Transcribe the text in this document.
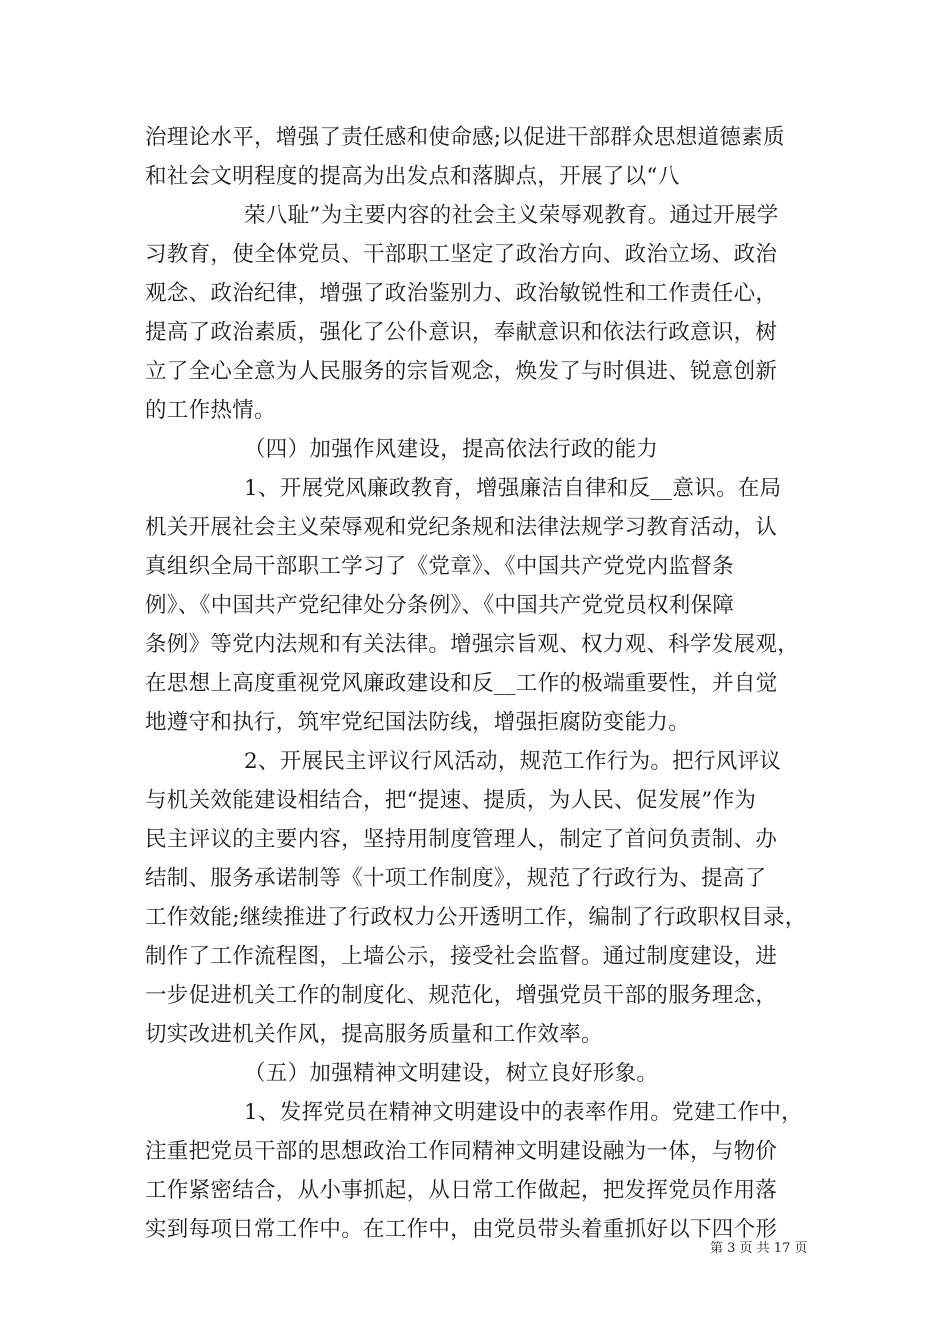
治理论水平，增强了责任感和使命感;以促进干部群众思想道德素质
和社会文明程度的提高为出发点和落脚点，开展了以“八
荣八耻”为主要内容的社会主义荣辱观教育。通过开展学
习教育，使全体党员、干部职工坚定了政治方向、政治立场、政治
观念、政治纪律，增强了政治鉴别力、政治敏锐性和工作责任心，
提高了政治素质，强化了公仆意识，奉献意识和依法行政意识，树
立了全心全意为人民服务的宗旨观念，焕发了与时俱进、锐意创新
的工作热情。
（四）加强作风建设，提高依法行政的能力
1、开展党风廉政教育，增强廉洁自律和反__意识。在局
机关开展社会主义荣辱观和党纪条规和法律法规学习教育活动，认
真组织全局干部职工学习了《党章》、《中国共产党党内监督条
例》、《中国共产党纪律处分条例》、《中国共产党党员权利保障
条例》等党内法规和有关法律。增强宗旨观、权力观、科学发展观，
在思想上高度重视党风廉政建设和反__工作的极端重要性，并自觉
地遵守和执行，筑牢党纪国法防线，增强拒腐防变能力。
2、开展民主评议行风活动，规范工作行为。把行风评议
与机关效能建设相结合，把“提速、提质，为人民、促发展”作为
民主评议的主要内容，坚持用制度管理人，制定了首问负责制、办
结制、服务承诺制等《十项工作制度》，规范了行政行为、提高了
工作效能;继续推进了行政权力公开透明工作，编制了行政职权目录，
制作了工作流程图，上墙公示，接受社会监督。通过制度建设，进
一步促进机关工作的制度化、规范化，增强党员干部的服务理念，
切实改进机关作风，提高服务质量和工作效率。
（五）加强精神文明建设，树立良好形象。
1、发挥党员在精神文明建设中的表率作用。党建工作中，
注重把党员干部的思想政治工作同精神文明建设融为一体，与物价
工作紧密结合，从小事抓起，从日常工作做起，把发挥党员作用落
实到每项日常工作中。在工作中，由党员带头着重抓好以下四个形
第 3 页 共 17 页
